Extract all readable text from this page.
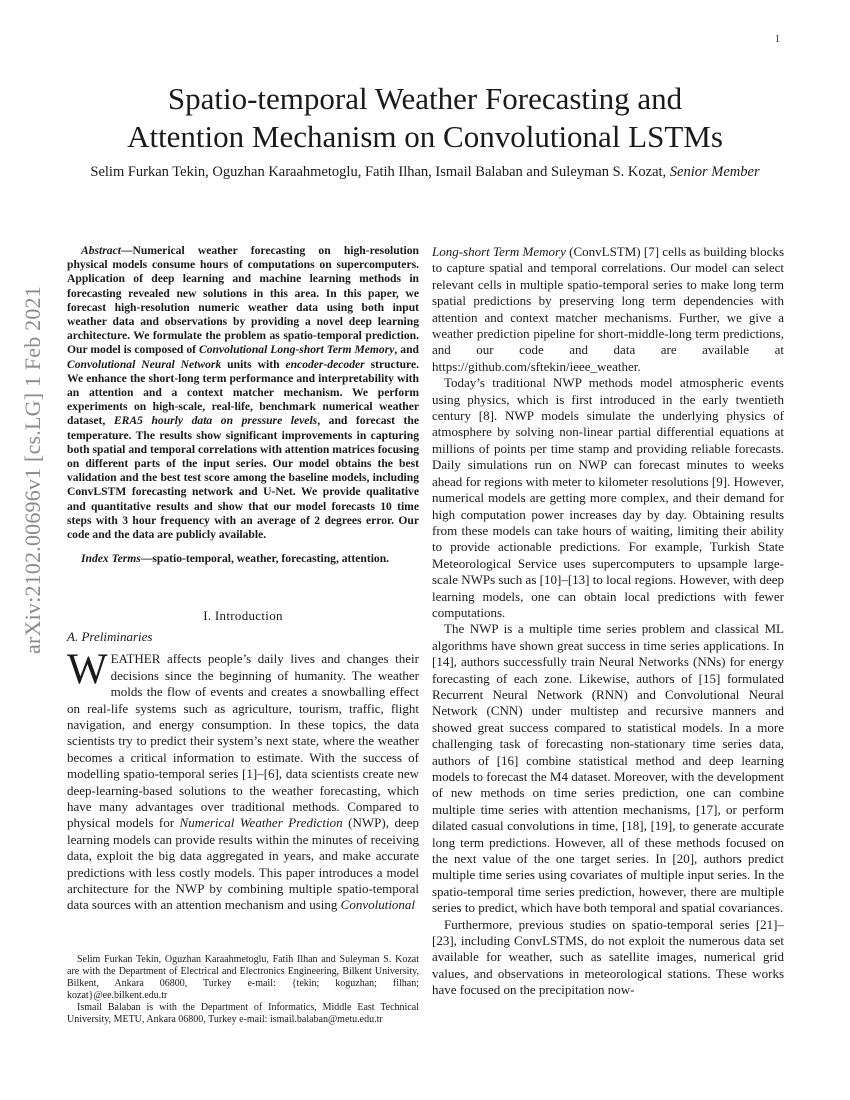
1
arXiv:2102.00696v1 [cs.LG] 1 Feb 2021
Spatio-temporal Weather Forecasting and
Attention Mechanism on Convolutional LSTMs
Selim Furkan Tekin, Oguzhan Karaahmetoglu, Fatih Ilhan, Ismail Balaban and Suleyman S. Kozat, Senior Member

Abstract—Numerical weather forecasting on high-resolution physical models consume hours of computations on supercomputers. Application of deep learning and machine learning methods in forecasting revealed new solutions in this area. In this paper, we forecast high-resolution numeric weather data using both input weather data and observations by providing a novel deep learning architecture. We formulate the problem as spatio-temporal prediction. Our model is composed of Convolutional Long-short Term Memory, and Convolutional Neural Network units with encoder-decoder structure. We enhance the short-long term performance and interpretability with an attention and a context matcher mechanism. We perform experiments on high-scale, real-life, benchmark numerical weather dataset, ERA5 hourly data on pressure levels, and forecast the temperature. The results show significant improvements in capturing both spatial and temporal correlations with attention matrices focusing on different parts of the input series. Our model obtains the best validation and the best test score among the baseline models, including ConvLSTM forecasting network and U-Net. We provide qualitative and quantitative results and show that our model forecasts 10 time steps with 3 hour frequency with an average of 2 degrees error. Our code and the data are publicly available.

Index Terms—spatio-temporal, weather, forecasting, attention.

I. Introduction
A. Preliminaries

WEATHER affects people’s daily lives and changes their decisions since the beginning of humanity. The weather molds the flow of events and creates a snowballing effect on real-life systems such as agriculture, tourism, traffic, flight navigation, and energy consumption. In these topics, the data scientists try to predict their system’s next state, where the weather becomes a critical information to estimate. With the success of modelling spatio-temporal series [1]–[6], data scientists create new deep-learning-based solutions to the weather forecasting, which have many advantages over traditional methods. Compared to physical models for Numerical Weather Prediction (NWP), deep learning models can provide results within the minutes of receiving data, exploit the big data aggregated in years, and make accurate predictions with less costly models. This paper introduces a model architecture for the NWP by combining multiple spatio-temporal data sources with an attention mechanism and using Convolutional

Selim Furkan Tekin, Oguzhan Karaahmetoglu, Fatih Ilhan and Suleyman S. Kozat are with the Department of Electrical and Electronics Engineering, Bilkent University, Bilkent, Ankara 06800, Turkey e-mail: {tekin; koguzhan; filhan; kozat}@ee.bilkent.edu.tr

Ismail Balaban is with the Department of Informatics, Middle East Technical University, METU, Ankara 06800, Turkey e-mail: ismail.balaban@metu.edu.tr

Long-short Term Memory (ConvLSTM) [7] cells as building blocks to capture spatial and temporal correlations. Our model can select relevant cells in multiple spatio-temporal series to make long term spatial predictions by preserving long term dependencies with attention and context matcher mechanisms. Further, we give a weather prediction pipeline for short-middle-long term predictions, and our code and data are available at https://github.com/sftekin/ieee_weather.

Today’s traditional NWP methods model atmospheric events using physics, which is first introduced in the early twentieth century [8]. NWP models simulate the underlying physics of atmosphere by solving non-linear partial differential equations at millions of points per time stamp and providing reliable forecasts. Daily simulations run on NWP can forecast minutes to weeks ahead for regions with meter to kilometer resolutions [9]. However, numerical models are getting more complex, and their demand for high computation power increases day by day. Obtaining results from these models can take hours of waiting, limiting their ability to provide actionable predictions. For example, Turkish State Meteorological Service uses supercomputers to upsample large-scale NWPs such as [10]–[13] to local regions. However, with deep learning models, one can obtain local predictions with fewer computations.

The NWP is a multiple time series problem and classical ML algorithms have shown great success in time series applications. In [14], authors successfully train Neural Networks (NNs) for energy forecasting of each zone. Likewise, authors of [15] formulated Recurrent Neural Network (RNN) and Convolutional Neural Network (CNN) under multistep and recursive manners and showed great success compared to statistical models. In a more challenging task of forecasting non-stationary time series data, authors of [16] combine statistical method and deep learning models to forecast the M4 dataset. Moreover, with the development of new methods on time series prediction, one can combine multiple time series with attention mechanisms, [17], or perform dilated casual convolutions in time, [18], [19], to generate accurate long term predictions. However, all of these methods focused on the next value of the one target series. In [20], authors predict multiple time series using covariates of multiple input series. In the spatio-temporal time series prediction, however, there are multiple series to predict, which have both temporal and spatial covariances.

Furthermore, previous studies on spatio-temporal series [21]–[23], including ConvLSTMS, do not exploit the numerous data set available for weather, such as satellite images, numerical grid values, and observations in meteorological stations. These works have focused on the precipitation now-
